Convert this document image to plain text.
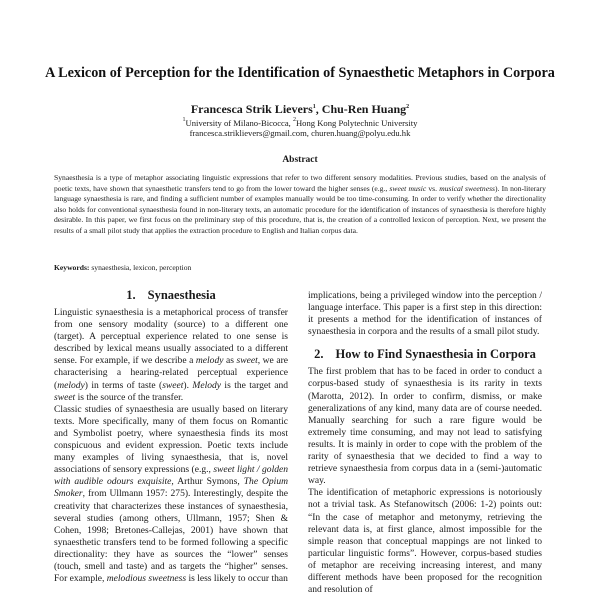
A Lexicon of Perception for the Identification of Synaesthetic Metaphors in Corpora
Francesca Strik Lievers$^1$, Chu-Ren Huang$^2$
$^1$University of Milano-Bicocca, $^2$Hong Kong Polytechnic University
francesca.striklievers@gmail.com, churen.huang@polyu.edu.hk
Abstract
Synaesthesia is a type of metaphor associating linguistic expressions that refer to two different sensory modalities. Previous studies, based on the analysis of poetic texts, have shown that synaesthetic transfers tend to go from the lower toward the higher senses (e.g., sweet music vs. musical sweetness). In non-literary language synaesthesia is rare, and finding a sufficient number of examples manually would be too time-consuming. In order to verify whether the directionality also holds for conventional synaesthesia found in non-literary texts, an automatic procedure for the identification of instances of synaesthesia is therefore highly desirable. In this paper, we first focus on the preliminary step of this procedure, that is, the creation of a controlled lexicon of perception. Next, we present the results of a small pilot study that applies the extraction procedure to English and Italian corpus data.
Keywords: synaesthesia, lexicon, perception
1. Synaesthesia

Linguistic synaesthesia is a metaphorical process of transfer from one sensory modality (source) to a different one (target). A perceptual experience related to one sense is described by lexical means usually associated to a different sense. For example, if we describe a melody as sweet, we are characterising a hearing-related perceptual experience (melody) in terms of taste (sweet). Melody is the target and sweet is the source of the transfer.

Classic studies of synaesthesia are usually based on literary texts. More specifically, many of them focus on Romantic and Symbolist poetry, where synaesthesia finds its most conspicuous and evident expression. Poetic texts include many examples of living synaesthesia, that is, novel associations of sensory expressions (e.g., sweet light / golden with audible odours exquisite, Arthur Symons, The Opium Smoker, from Ullmann 1957: 275). Interestingly, despite the creativity that characterizes these instances of synaesthesia, several studies (among others, Ullmann, 1957; Shen & Cohen, 1998; Bretones-Callejas, 2001) have shown that synaesthetic transfers tend to be formed following a specific directionality: they have as sources the “lower” senses (touch, smell and taste) and as targets the “higher” senses. For example, melodious sweetness is less likely to occur than

implications, being a privileged window into the perception / language interface. This paper is a first step in this direction: it presents a method for the identification of instances of synaesthesia in corpora and the results of a small pilot study.

2. How to Find Synaesthesia in Corpora

The first problem that has to be faced in order to conduct a corpus-based study of synaesthesia is its rarity in texts (Marotta, 2012). In order to confirm, dismiss, or make generalizations of any kind, many data are of course needed. Manually searching for such a rare figure would be extremely time consuming, and may not lead to satisfying results. It is mainly in order to cope with the problem of the rarity of synaesthesia that we decided to find a way to retrieve synaesthesia from corpus data in a (semi-)automatic way.

The identification of metaphoric expressions is notoriously not a trivial task. As Stefanowitsch (2006: 1-2) points out: “In the case of metaphor and metonymy, retrieving the relevant data is, at first glance, almost impossible for the simple reason that conceptual mappings are not linked to particular linguistic forms”. However, corpus-based studies of metaphor are receiving increasing interest, and many different methods have been proposed for the recognition and resolution of
